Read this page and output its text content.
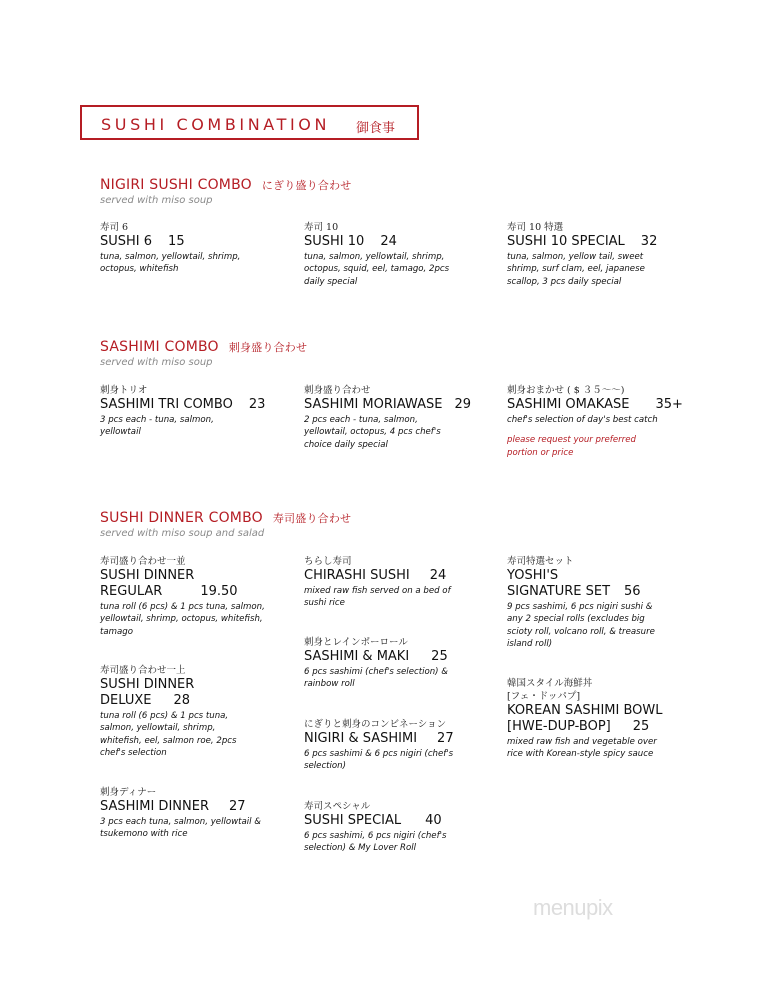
SUSHI COMBINATION 御食事
NIGIRI SUSHI COMBO にぎり盛り合わせ
served with miso soup
寿司 6
SUSHI 6 15
tuna, salmon, yellowtail, shrimp, octopus, whitefish
寿司 10
SUSHI 10 24
tuna, salmon, yellowtail, shrimp, octopus, squid, eel, tamago, 2pcs daily special
寿司 10 特選
SUSHI 10 SPECIAL 32
tuna, salmon, yellow tail, sweet shrimp, surf clam, eel, japanese scallop, 3 pcs daily special
SASHIMI COMBO 刺身盛り合わせ
served with miso soup
刺身トリオ
SASHIMI TRI COMBO 23
3 pcs each - tuna, salmon, yellowtail
刺身盛り合わせ
SASHIMI MORIAWASE 29
2 pcs each - tuna, salmon, yellowtail, octopus, 4 pcs chef's choice daily special
刺身おまかせ ( $ ３５〜〜)
SASHIMI OMAKASE 35+
chef's selection of day's best catch
please request your preferred portion or price
SUSHI DINNER COMBO 寿司盛り合わせ
served with miso soup and salad
寿司盛り合わせ一並
SUSHI DINNER
REGULAR	19.50
tuna roll (6 pcs) & 1 pcs tuna, salmon, yellowtail, shrimp, octopus, whitefish, tamago
寿司盛り合わせ一上
SUSHI DINNER
DELUXE 28
tuna roll (6 pcs) & 1 pcs tuna, salmon, yellowtail, shrimp, whitefish, eel, salmon roe, 2pcs chef's selection
刺身ディナー
SASHIMI DINNER 27
3 pcs each tuna, salmon, yellowtail & tsukemono with rice
ちらし寿司
CHIRASHI SUSHI 24
mixed raw fish served on a bed of sushi rice
刺身とレインボーロール
SASHIMI & MAKI 25
6 pcs sashimi (chef's selection) & rainbow roll
にぎりと刺身のコンビネーション
NIGIRI & SASHIMI 27
6 pcs sashimi & 6 pcs nigiri (chef's selection)
寿司スペシャル
SUSHI SPECIAL 40
6 pcs sashimi, 6 pcs nigiri (chef's selection) & My Lover Roll
寿司特選セット
YOSHI'S
SIGNATURE SET 56
9 pcs sashimi, 6 pcs nigiri sushi & any 2 special rolls (excludes big scioty roll, volcano roll, & treasure island roll)
韓国スタイル海鮮丼
[フェ・ドッパプ]
KOREAN SASHIMI BOWL
[HWE-DUP-BOP] 25
mixed raw fish and vegetable over rice with Korean-style spicy sauce
menupix
